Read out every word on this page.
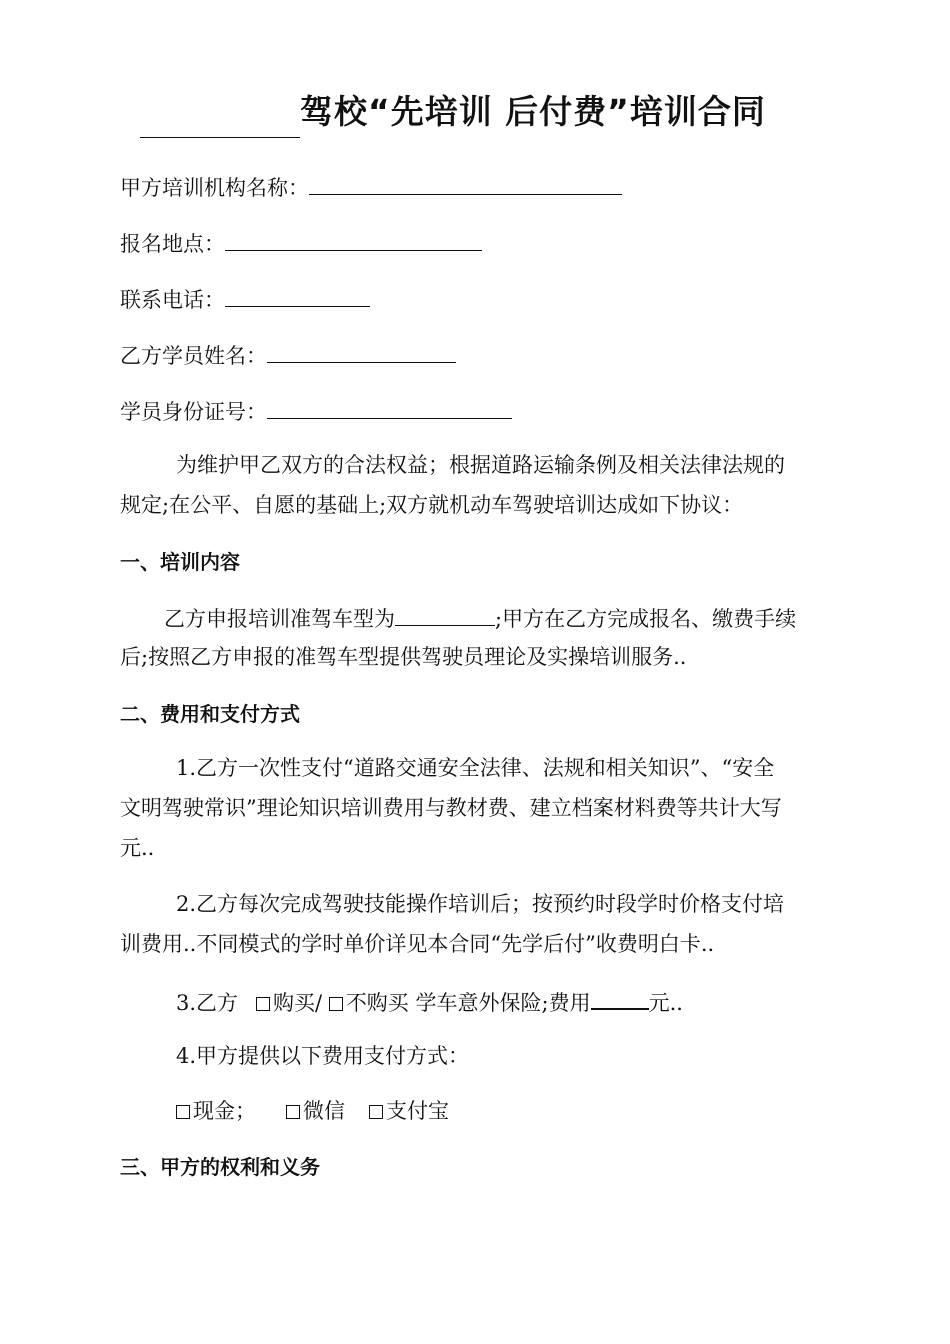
驾校“先培训 后付费”培训合同
甲方培训机构名称：
报名地点：
联系电话：
乙方学员姓名：
学员身份证号：
为维护甲乙双方的合法权益；根据道路运输条例及相关法律法规的
规定;在公平、自愿的基础上;双方就机动车驾驶培训达成如下协议：
一、培训内容
乙方申报培训准驾车型为	;甲方在乙方完成报名、缴费手续
后;按照乙方申报的准驾车型提供驾驶员理论及实操培训服务..
二、费用和支付方式
1.乙方一次性支付“道路交通安全法律、法规和相关知识”、“安全
文明驾驶常识”理论知识培训费用与教材费、建立档案材料费等共计大写
元..
2.乙方每次完成驾驶技能操作培训后；按预约时段学时价格支付培
训费用..不同模式的学时单价详见本合同“先学后付”收费明白卡..
3.乙方 购买/ 不购买 学车意外保险;费用	元..
4.甲方提供以下费用支付方式：
现金； 微信 支付宝
三、甲方的权利和义务
